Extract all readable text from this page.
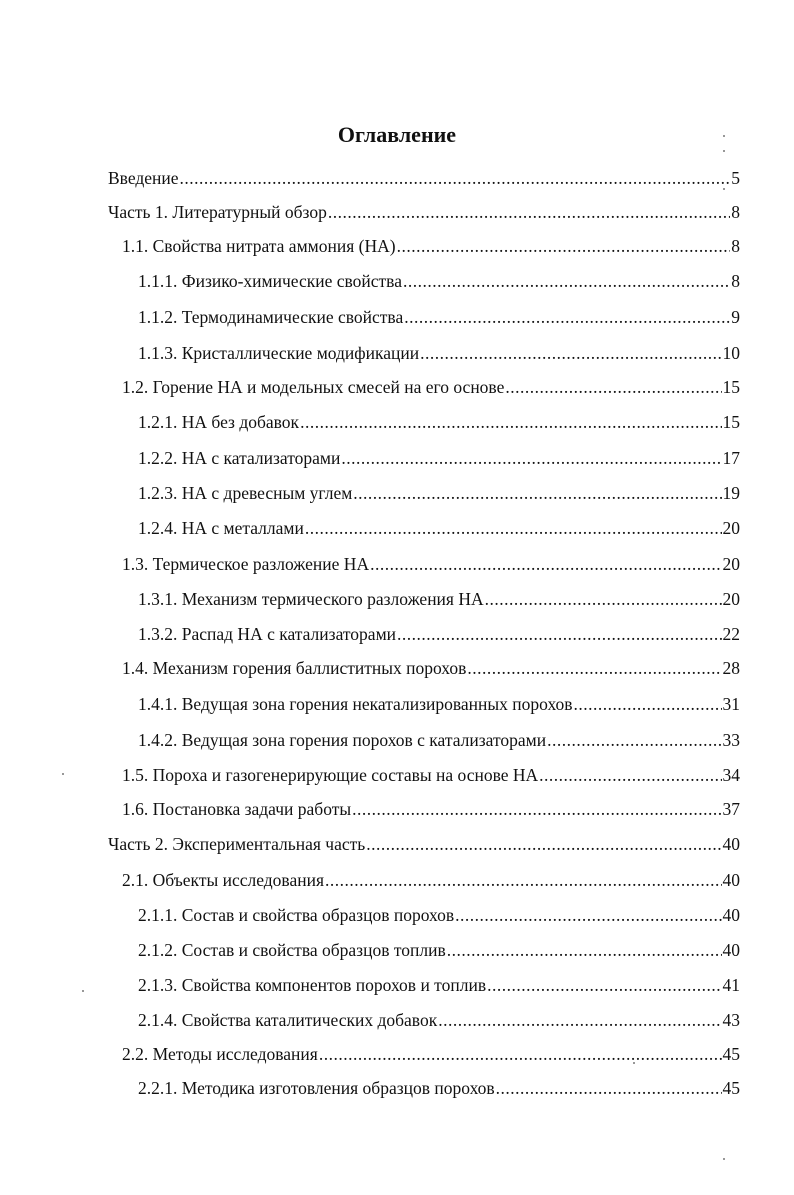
Оглавление
Введение .....	5
Часть 1. Литературный обзор .....	8
1.1. Свойства нитрата аммония (НА) .....	8
1.1.1. Физико-химические свойства .....	8
1.1.2. Термодинамические свойства .....	9
1.1.3. Кристаллические модификации .....	10
1.2. Горение НА и модельных смесей на его основе .....	15
1.2.1. НА без добавок .....	15
1.2.2. НА с катализаторами .....	17
1.2.3. НА с древесным углем .....	19
1.2.4. НА с металлами .....	20
1.3. Термическое разложение НА .....	20
1.3.1. Механизм термического разложения НА .....	20
1.3.2. Распад НА с катализаторами .....	22
1.4. Механизм горения баллиститных порохов .....	28
1.4.1. Ведущая зона горения некатализированных порохов .....	31
1.4.2. Ведущая зона горения порохов с катализаторами .....	33
1.5. Пороха и газогенерирующие составы на основе НА .....	34
1.6. Постановка задачи работы .....	37
Часть 2. Экспериментальная часть .....	40
2.1. Объекты исследования .....	40
2.1.1. Состав и свойства образцов порохов .....	40
2.1.2. Состав и свойства образцов топлив .....	40
2.1.3. Свойства компонентов порохов и топлив .....	41
2.1.4. Свойства каталитических добавок .....	43
2.2. Методы исследования .....	45
2.2.1. Методика изготовления образцов порохов .....	45
